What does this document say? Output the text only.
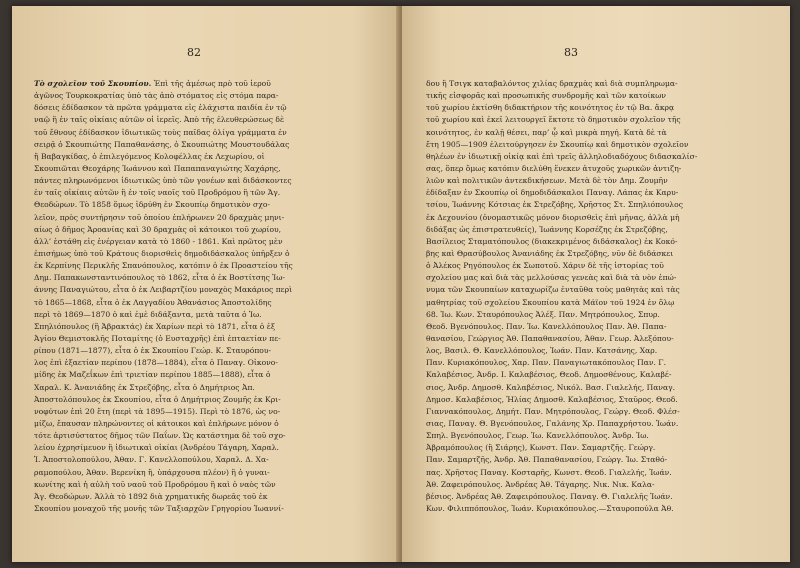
82
Τὸ σχολεῖον τοῦ Σκουπίου. Ἐπὶ τῆς ἀμέσως πρὸ τοῦ ἱεροῦ
ἀγῶνος Τουρκοκρατίας ὑπὸ τὰς ἀπὸ στόματος εἰς στόμα παρα-
δόσεις ἐδίδασκον τὰ πρῶτα γράμματα εἰς ἐλάχιστα παιδία ἐν τῷ
ναῷ ἢ ἐν ταῖς οἰκίαις αὐτῶν οἱ ἱερεῖς. Ἀπὸ τῆς ἐλευθερώσεως δὲ
τοῦ ἔθνους ἐδίδασκον ἰδιωτικῶς τοὺς παῖδας ὀλίγα γράμματα ἐν
σειρᾷ ὁ Σκουπιώτης Παπαθανάσης, ὁ Σκουπιώτης Μουστουδάλας
ἤ Βαβαγκίδας, ὁ ἐπιλεγόμενος Κολοφέλλας ἐκ Λεχωρίου, οἱ
Σκουπιῶται Θεοχάρης Ἰωάννου καὶ Παπαπαναγιώτης Χαχάρης,
πάντες πληρωνόμενοι ἰδιωτικῶς ὑπὸ τῶν γονέων καὶ διδάσκοντες
ἐν ταῖς οἰκίαις αὐτῶν ἢ ἐν τοῖς ναοῖς τοῦ Προδρόμου ἢ τῶν Ἁγ.
Θεοδώρων. Τὸ 1858 ὅμως ἱδρύθη ἐν Σκουπίῳ δημοτικὸν σχο-
λεῖον, πρὸς συντήρησιν τοῦ ὁποίου ἐπλήρωνεν 20 δραχμὰς μηνι-
αίως ὁ δῆμος Ἀροανίας καὶ 30 δραχμὰς οἱ κάτοικοι τοῦ χωρίου,
ἀλλ’ ἐστάθη εἰς ἐνέργειαν κατὰ τὸ 1860 - 1861. Καὶ πρῶτος μὲν
ἐπισήμως ὑπὸ τοῦ Κράτους διορισθεὶς δημοδιδάσκαλος ὑπῆρξεν ὁ
ἐκ Κερπίνης Περικλῆς Σπανόπουλος, κατόπιν ὁ ἐκ Προαστείου τῆς
Δημ. Παπακωνσταντινόπουλος τὸ 1862, εἶτα ὁ ἐκ Βοστίτσης Ἰω-
άννης Παναγιώτου, εἶτα ὁ ἐκ Λειβαρτζίου μοναχὸς Μακάριος περὶ
τὸ 1865—1868, εἶτα ὁ ἐκ Λαγγαδίου Ἀθανάσιος Ἀποστολίδης
περὶ τὸ 1869—1870 ὁ καὶ ἐμὲ διδάξαντα, μετὰ ταῦτα ὁ Ἰω.
Σπηλιόπουλος (ἢ Ἀβρακτάς) ἐκ Χαρίων περὶ τὸ 1871, εἶτα ὁ ἐξ
Ἁγίου Θεμιστοκλῆς Ποταμίτης (ὁ Ευσταχρῆς) ἐπὶ ἑπταετίαν πε-
ρίπου (1871—1877), εἶτα ὁ ἐκ Σκουπίου Γεώρ. Κ. Σταυρόπου-
λος ἐπὶ ἑξαετίαν περίπου (1878—1884), εἶτα ὁ Παναγ. Οἰκονο-
μίδης ἐκ Μαζεΐκων ἐπὶ τριετίαν περίπου 1885—1888), εἶτα ὁ
Χαραλ. Κ. Ἀνανιάδης ἐκ Στρεζόβης, εἶτα ὁ Δημήτριος Ἀπ.
Ἀποστολόπουλος ἐκ Σκουπίου, εἶτα ὁ Δημήτριος Ζουμῆς ἐκ Κρι-
νοφύτων ἐπὶ 20 ἔτη (περὶ τὰ 1895—1915). Περὶ τὸ 1876, ὡς νο-
μίζω, ἔπαυσαν πληρώνοντες οἱ κάτοικοι καὶ ἐπλήρωνε μόνον ὁ
τότε ἀρτισύστατος δῆμος τῶν Παΐων. Ὡς κατάστημα δὲ τοῦ σχο-
λείου ἐχρησίμευον ἢ ἰδιωτικαὶ οἰκίαι (Ἀνδρέου Τάγαρη, Χαραλ.
Ἰ. Ἀποστολοπούλου, Ἀθαν. Γ. Κανελλοπούλου, Χαραλ. Δ. Χα-
ραμοπούλου, Ἀθαν. Βερενίκη ἢ, ὑπάρχουσα πλέον) ἢ ὁ γυναι-
κωνίτης καὶ ἡ αὐλὴ τοῦ ναοῦ τοῦ Προδρόμου ἢ καὶ ὁ ναὸς τῶν
Ἁγ. Θεοδώρων. Ἀλλὰ τὸ 1892 διὰ χρηματικῆς δωρεᾶς τοῦ ἐκ
Σκουπίου μοναχοῦ τῆς μονῆς τῶν Ταξιαρχῶν Γρηγορίου Ἰωαννί-
83
δου ἢ Τσιγκ καταβαλόντος χιλίας δραχμὰς καὶ διὰ συμπληρωμα-
τικῆς εἰσφορᾶς καὶ προσωπικῆς συνδρομῆς καὶ τῶν κατοίκων
τοῦ χωρίου ἐκτίσθη διδακτήριον τῆς κοινότητος ἐν τῷ Βα. ἄκρᾳ
τοῦ χωρίου καὶ ἐκεῖ λειτουργεῖ ἔκτοτε τὸ δημοτικὸν σχολεῖον τῆς
κοινότητος, ἐν καλῇ θέσει, παρ’ ᾧ καὶ μικρὰ πηγή. Κατὰ δὲ τὰ
ἔτη 1905—1909 ἐλειτούργησεν ἐν Σκουπίῳ καὶ δημοτικὸν σχολεῖον
θηλέων ἐν ἰδιωτικῇ οἰκίᾳ καὶ ἐπὶ τρεῖς ἀλληλοδιαδόχους διδασκαλίσ-
σας, ὅπερ ὅμως κατόπιν διελύθη ἕνεκεν ἀτυχοῦς χωρικῶν ἀντιζη-
λιῶν καὶ πολιτικῶν ἀντεκδικήσεων. Μετὰ δὲ τὸν Δημ. Ζουμῆν
ἐδίδαξαν ἐν Σκουπίῳ οἱ δημοδιδάσκαλοι Παναγ. Λάπας ἐκ Καρυ-
τσίου, Ἰωάννης Κότσιας ἐκ Στρεζόβης, Χρῆστος Στ. Σπηλιόπουλος
ἐκ Δεχουνίου (ὀνομαστικῶς μόνον διορισθεὶς ἐπὶ μῆνας, ἀλλὰ μὴ
διδάξας ὡς ἐπιστρατευθείς), Ἰωάννης Κορσέζης ἐκ Στρεζόβης,
Βασίλειος Σταματόπουλος (διακεκριμένος διδάσκαλος) ἐκ Κοκό-
βης καὶ Θρασύβουλος Ἀνανιάδης ἐκ Στρεζόβης, νῦν δὲ διδάσκει
ὁ Ἀλέκος Ρηγόπουλος ἐκ Σωποτοῦ. Χάριν δὲ τῆς ἱστορίας τοῦ
σχολείου μας καὶ διὰ τὰς μελλούσας γενεὰς καὶ διὰ τὰ νὸν ἐπώ-
νυμα τῶν Σκουπαίων καταχωρίζω ἐνταῦθα τοὺς μαθητὰς καὶ τὰς
μαθητρίας τοῦ σχολείου Σκουπίου κατὰ Μάϊον τοῦ 1924 ἐν ὅλῳ
68. Ἰω. Κων. Σταυρόπουλος Ἀλέξ. Παν. Μητρόπουλος, Σπυρ.
Θεοδ. Βγενόπουλος. Παν. Ἰω. Κανελλόπουλος Παν. Ἀθ. Παπα-
θανασίου, Γεώργιος Ἀθ. Παπαθανασίου, Ἀθαν. Γεωρ. Ἀλεξόπου-
λος, Βασιλ. Θ. Κανελλόπουλος, Ἰωάν. Παν. Κατσάνης, Χαρ.
Παν. Κυριακόπουλος, Χαρ. Παν. Παναγιωτακόπουλος Παν. Γ.
Καλαβέσιος, Ἀνδρ. Ι. Καλαβέσιος, Θεοδ. Δημοσθένους, Καλαβέ-
σιος, Ἀνδρ. Δημοσθ. Καλαβέσιος, Νικόλ. Βασ. Γιαλελής, Παναγ.
Δημοσ. Καλαβέσιος, Ἠλίας Δημοσθ. Καλαβέσιος, Σταῦρος. Θεοδ.
Γιαννακόπουλος, Δημήτ. Παν. Μητρόπουλος, Γεώργ. Θεοδ. Φλέσ-
σιας, Παναγ. Θ. Βγενόπουλος, Γαλάνης Χρ. Παπαχρήστου. Ἰωάν.
Σπηλ. Βγενόπουλος, Γεωρ. Ἰω. Κανελλόπουλος. Ἀνδρ. Ἰω.
Ἀβραμόπουλος (ἢ Σιάρης), Κωνστ. Παν. Σαμαρτζῆς. Γεώργ.
Παν. Σαμαρτζῆς, Ἀνδρ. Ἀθ. Παπαθανασίου, Γεώργ. Ἰω. Σταθό-
πας. Χρῆστος Παναγ. Κοσταρῆς, Κωνστ. Θεοδ. Γιαλελής, Ἰωάν.
Ἀθ. Ζαφειρόπουλος. Ἀνδρέας Ἀθ. Τάγαρης. Νικ. Νικ. Καλα-
βέσιος. Ἀνδρέας Ἀθ. Ζαφειρόπουλος. Παναγ. Θ. Γιαλελῆς Ἰωάν.
Κων. Φιλιππόπουλος, Ἰωάν. Κυριακόπουλος.—Σταυροπούλα Ἀθ.
